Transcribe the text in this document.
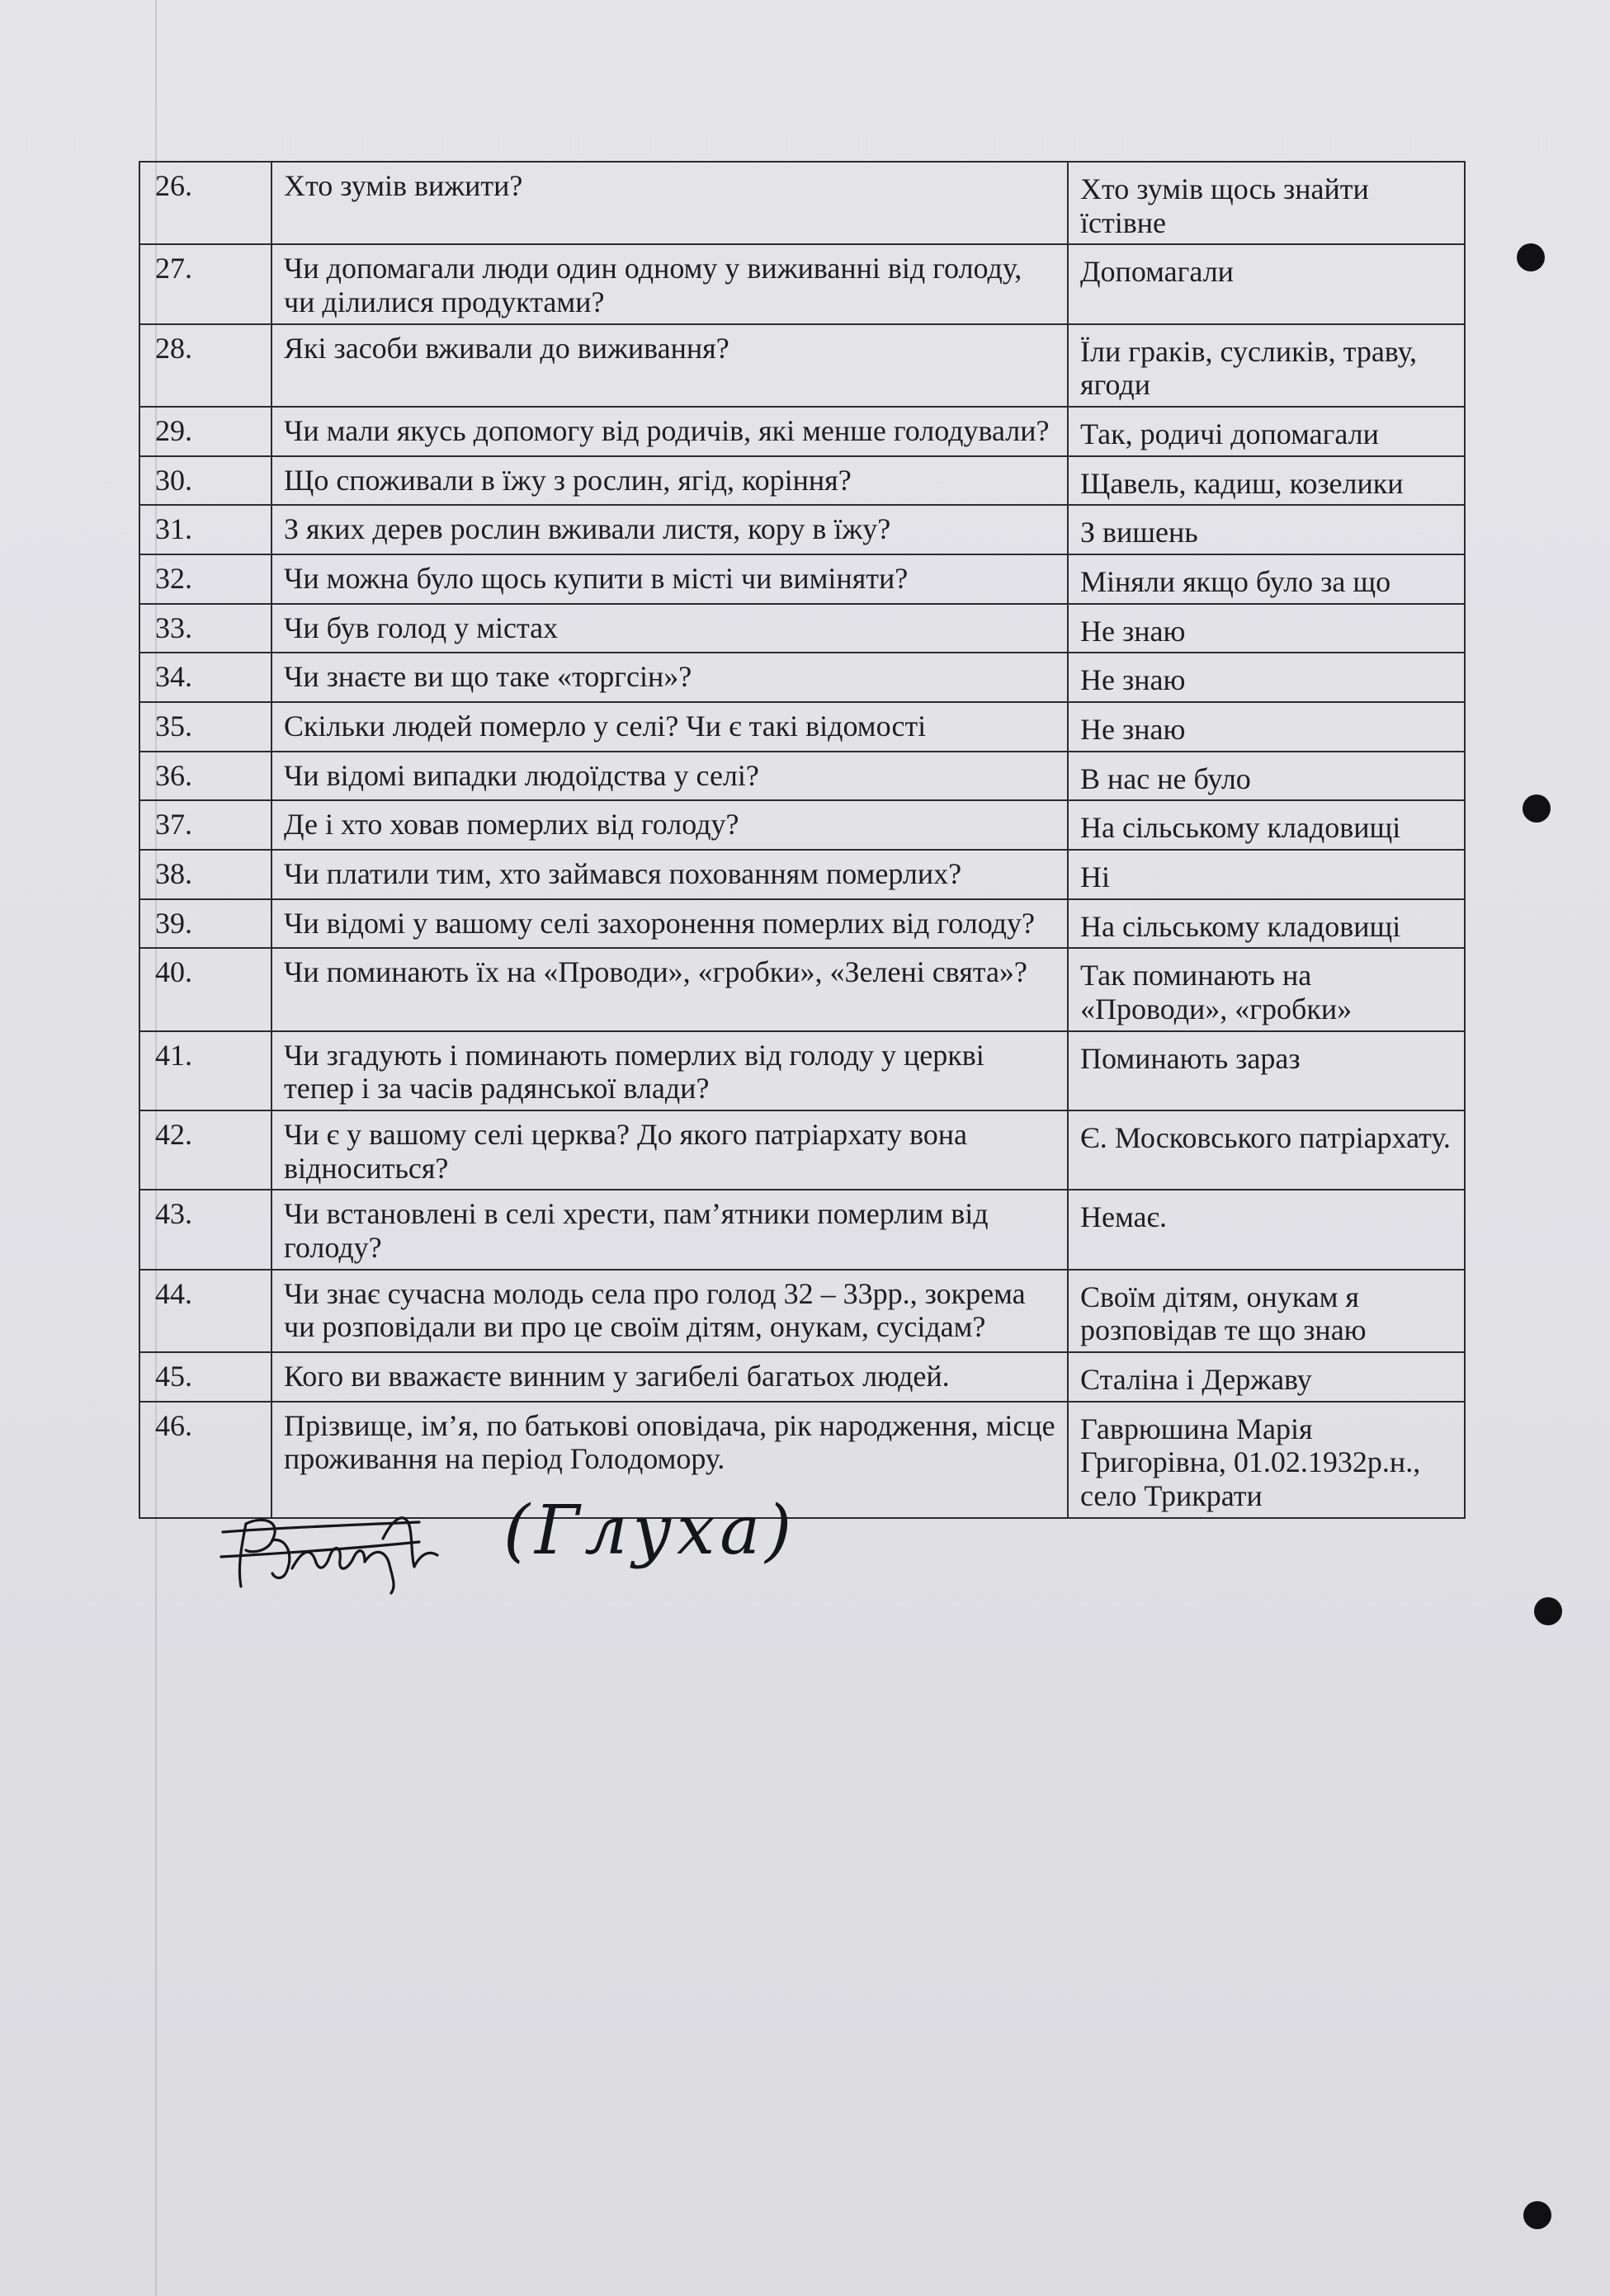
26.	Хто зумів вижити?	Хто зумів щось знайти їстівне
27.	Чи допомагали люди один одному у виживанні від голоду, чи ділилися продуктами?	Допомагали
28.	Які засоби вживали до виживання?	Їли граків, сусликів, траву, ягоди
29.	Чи мали якусь допомогу від родичів, які менше голодували?	Так, родичі допомагали
30.	Що споживали в їжу з рослин, ягід, коріння?	Щавель, кадиш, козелики
31.	З яких дерев рослин вживали листя, кору в їжу?	З вишень
32.	Чи можна було щось купити в місті чи виміняти?	Міняли якщо було за що
33.	Чи був голод у містах	Не знаю
34.	Чи знаєте ви що таке «торгсін»?	Не знаю
35.	Скільки людей померло у селі? Чи є такі відомості	Не знаю
36.	Чи відомі випадки людоїдства у селі?	В нас не було
37.	Де і хто ховав померлих від голоду?	На сільському кладовищі
38.	Чи платили тим, хто займався похованням померлих?	Ні
39.	Чи відомі у вашому селі захоронення померлих від голоду?	На сільському кладовищі
40.	Чи поминають їх на «Проводи», «гробки», «Зелені свята»?	Так поминають на «Проводи», «гробки»
41.	Чи згадують і поминають померлих від голоду у церкві тепер і за часів радянської влади?	Поминають зараз
42.	Чи є у вашому селі церква? До якого патріархату вона відноситься?	Є. Московського патріархату.
43.	Чи встановлені в селі хрести, пам’ятники померлим від голоду?	Немає.
44.	Чи знає сучасна молодь села про голод 32 – 33рр., зокрема чи розповідали ви про це своїм дітям, онукам, сусідам?	Своїм дітям, онукам я розповідав те що знаю
45.	Кого ви вважаєте винним у загибелі багатьох людей.	Сталіна і Державу
46.	Прізвище, ім’я, по батькові оповідача, рік народження, місце проживання на період Голодомору.	Гаврюшина Марія Григорівна, 01.02.1932р.н., село Трикрати
(Глуха)
